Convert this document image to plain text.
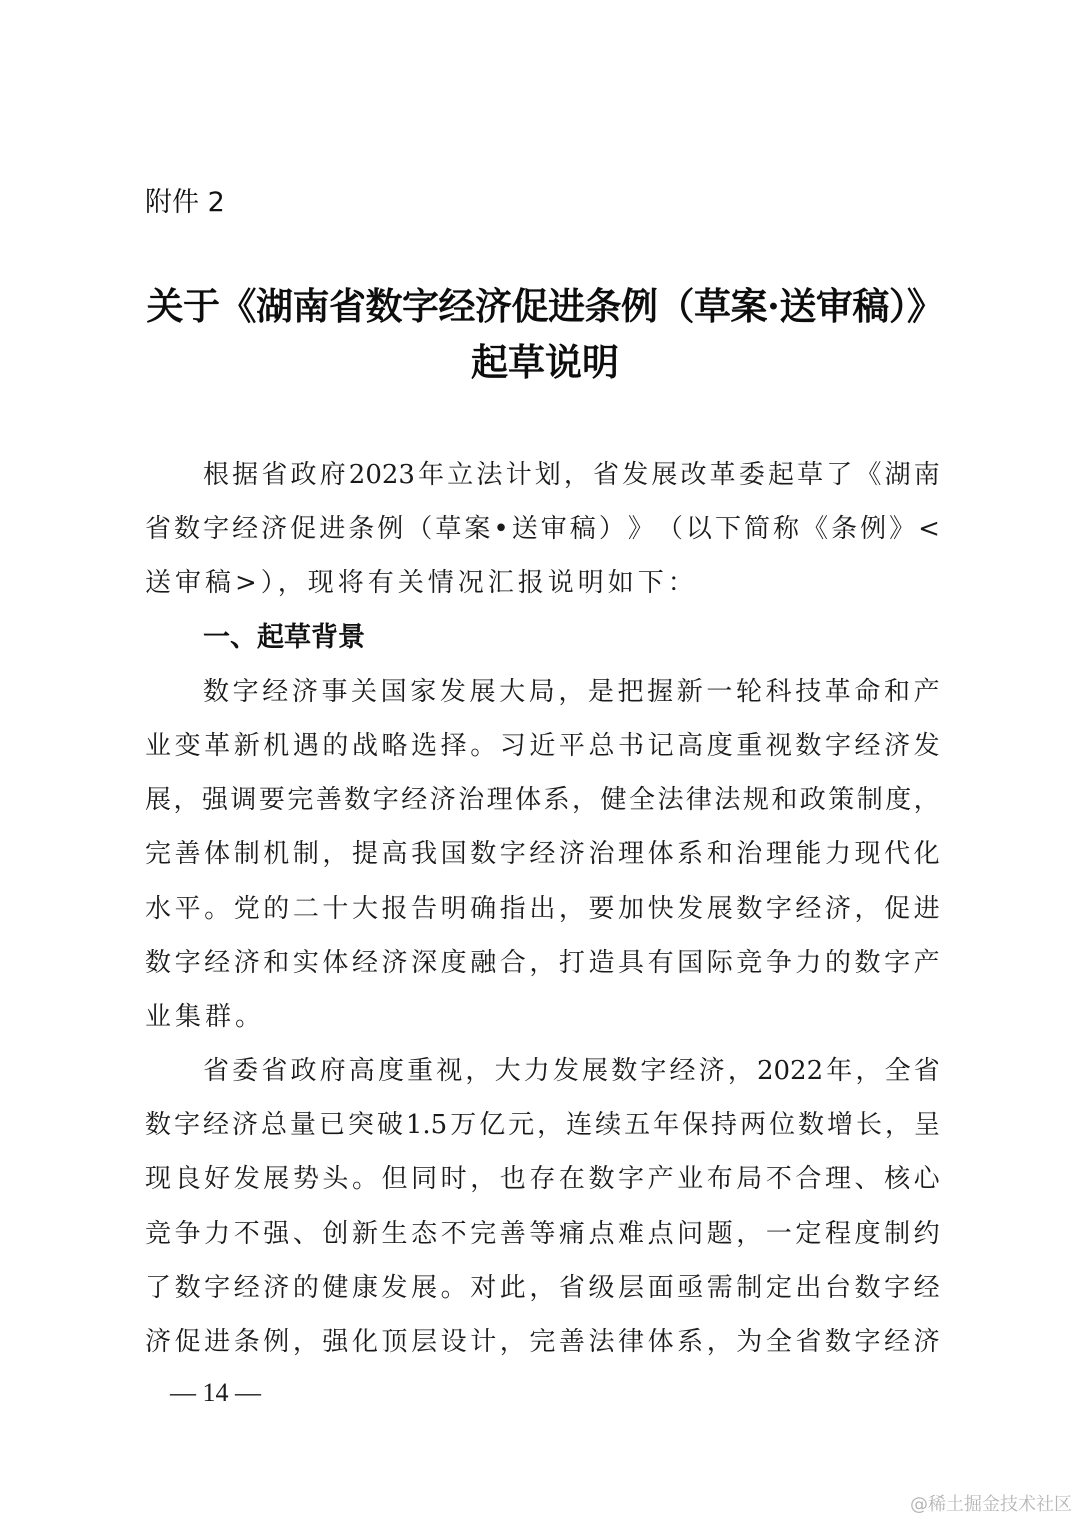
附件 2
关于《湖南省数字经济促进条例（草案·送审稿）》
起草说明
根 据 省 政 府 2023 年 立 法 计 划 ， 省 发 展 改 革 委 起 草 了 《 湖 南
省 数 字 经 济 促 进 条 例 （ 草 案 • 送 审 稿 ） 》 （ 以 下 简 称 《 条 例 》 <
送审稿>），现将有关情况汇报说明如下：
一、起草背景
数 字 经 济 事 关 国 家 发 展 大 局 ， 是 把 握 新 一 轮 科 技 革 命 和 产
业 变 革 新 机 遇 的 战 略 选 择 。 习 近 平 总 书 记 高 度 重 视 数 字 经 济 发
展 ， 强 调 要 完 善 数 字 经 济 治 理 体 系 ， 健 全 法 律 法 规 和 政 策 制 度 ，
完 善 体 制 机 制 ， 提 高 我 国 数 字 经 济 治 理 体 系 和 治 理 能 力 现 代 化
水 平 。 党 的 二 十 大 报 告 明 确 指 出 ， 要 加 快 发 展 数 字 经 济 ， 促 进
数 字 经 济 和 实 体 经 济 深 度 融 合 ， 打 造 具 有 国 际 竞 争 力 的 数 字 产
业集群。
省 委 省 政 府 高 度 重 视 ， 大 力 发 展 数 字 经 济 ， 2022 年 ， 全 省
数 字 经 济 总 量 已 突 破 1.5 万 亿 元 ， 连 续 五 年 保 持 两 位 数 增 长 ， 呈
现 良 好 发 展 势 头 。 但 同 时 ， 也 存 在 数 字 产 业 布 局 不 合 理 、 核 心
竞 争 力 不 强 、 创 新 生 态 不 完 善 等 痛 点 难 点 问 题 ， 一 定 程 度 制 约
了 数 字 经 济 的 健 康 发 展 。 对 此 ， 省 级 层 面 亟 需 制 定 出 台 数 字 经
济 促 进 条 例 ， 强 化 顶 层 设 计 ， 完 善 法 律 体 系 ， 为 全 省 数 字 经 济
— 14 —
@稀土掘金技术社区
